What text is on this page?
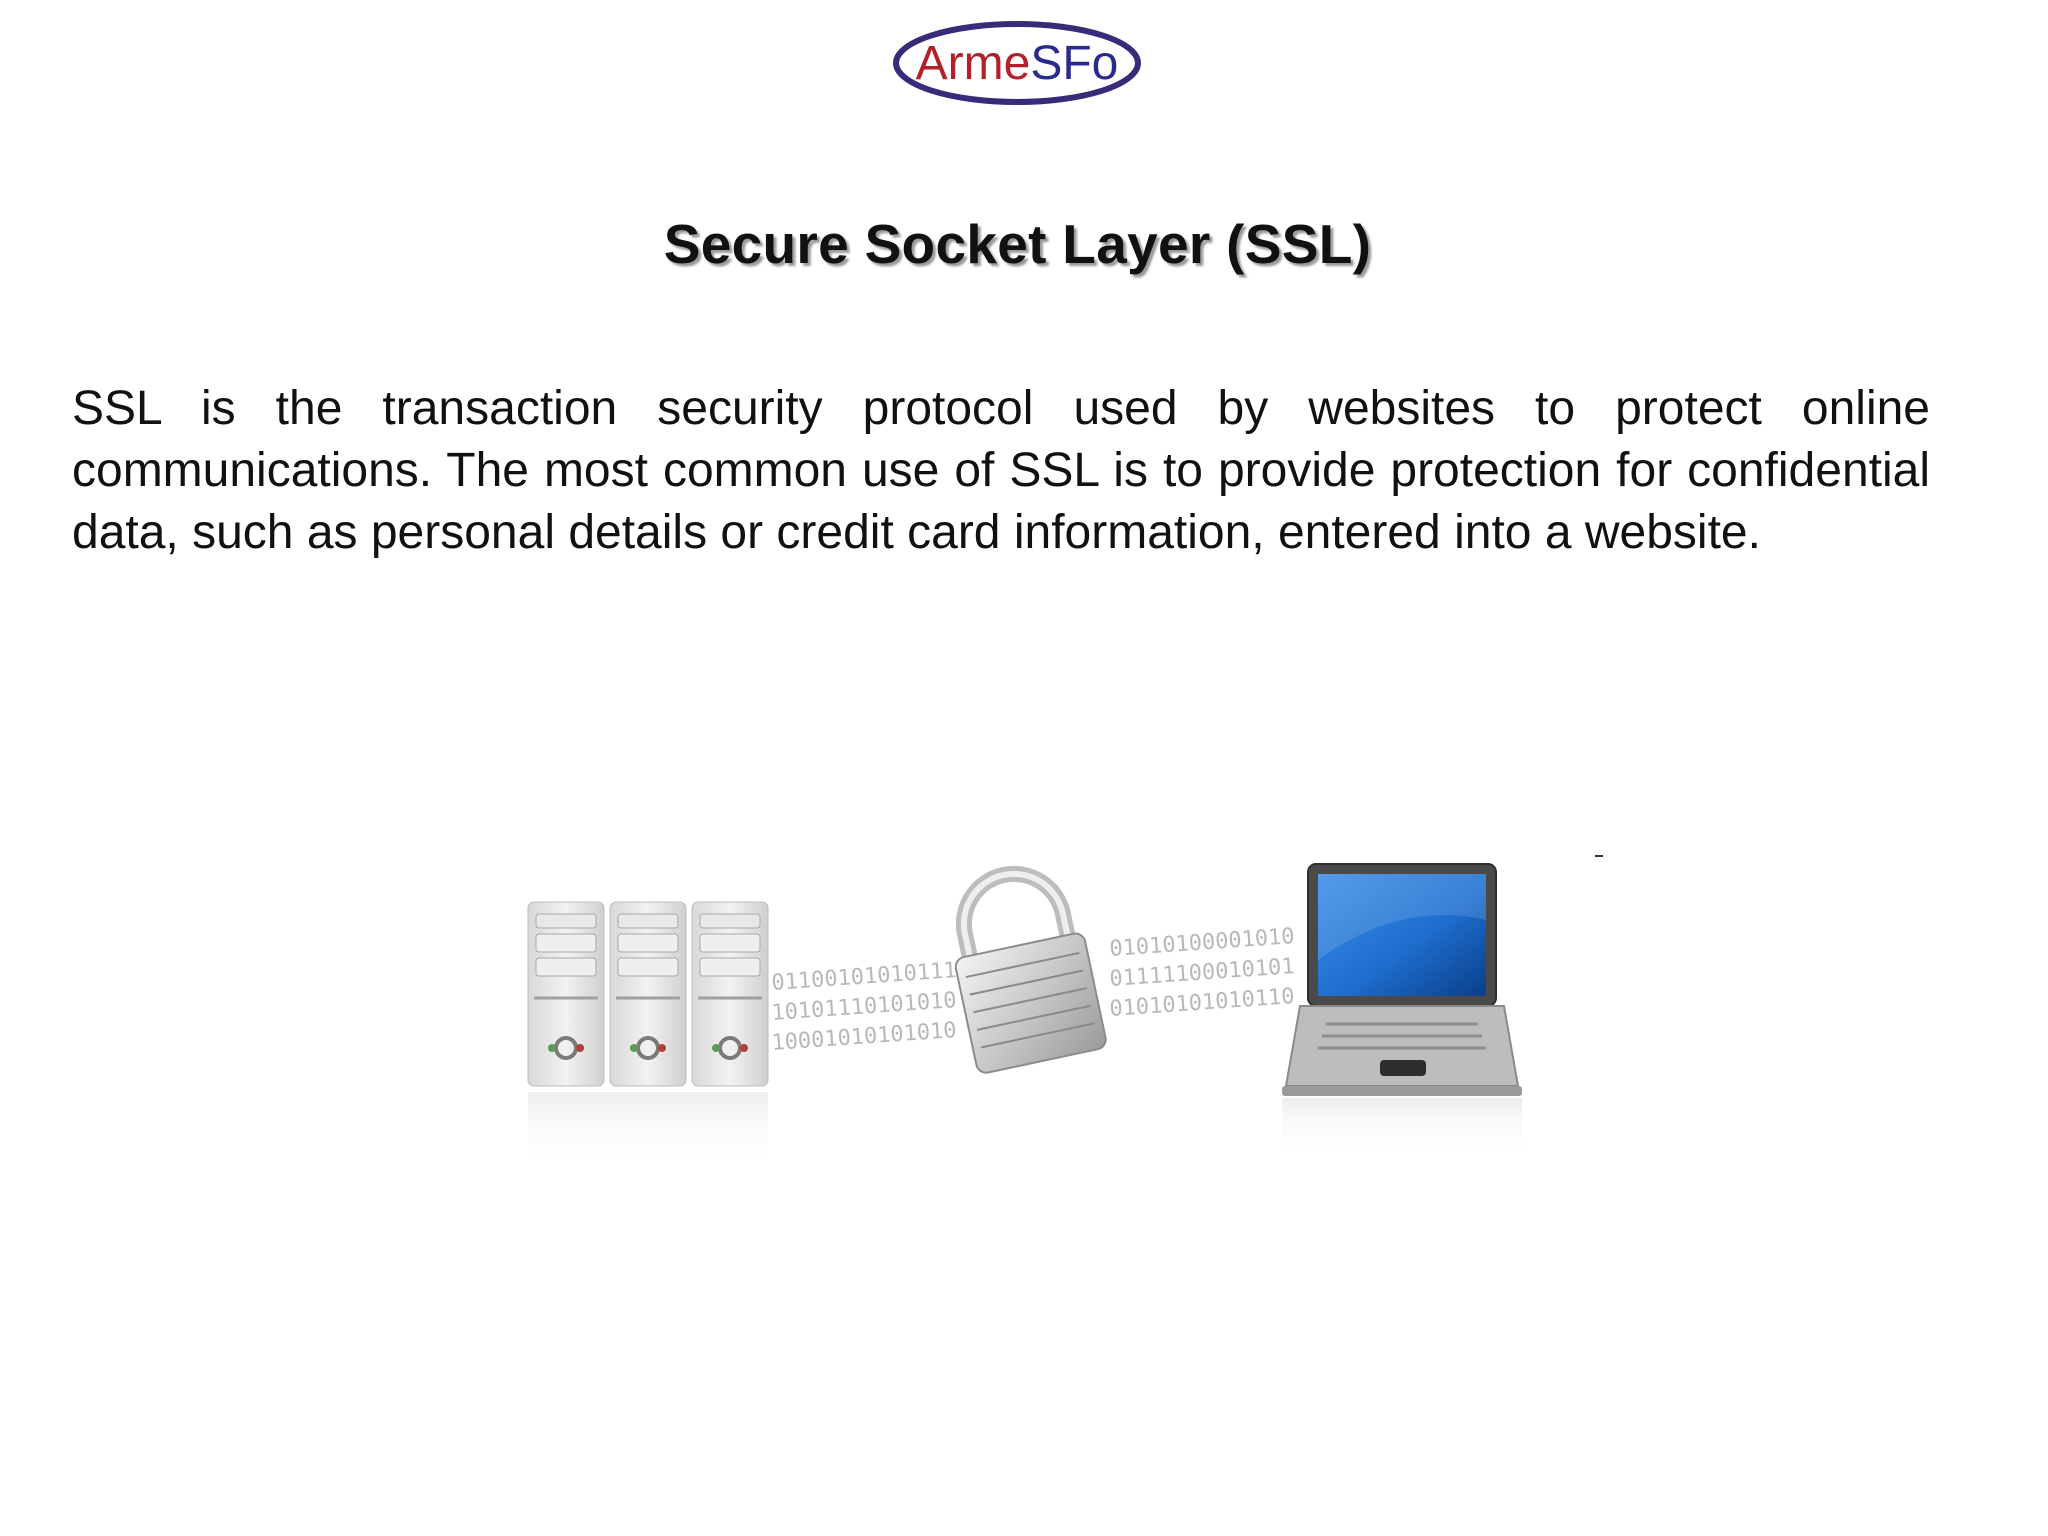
ArmeSFo
Secure Socket Layer (SSL)
SSL is the transaction security protocol used by websites to protect online communications. The most common use of SSL is to provide protection for confidential data, such as personal details or credit card information, entered into a website.
01100101010111
10101110101010
10001010101010
01010100001010
01111100010101
01010101010110
